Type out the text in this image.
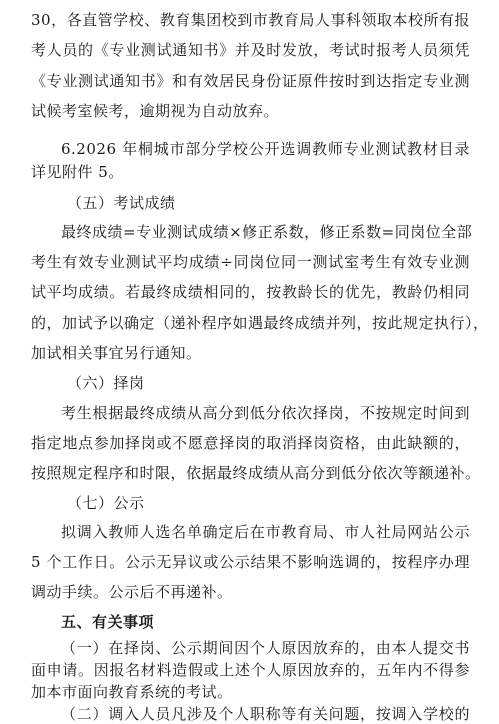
30，各直管学校、教育集团校到市教育局人事科领取本校所有报
考人员的《专业测试通知书》并及时发放，考试时报考人员须凭
《专业测试通知书》和有效居民身份证原件按时到达指定专业测
试候考室候考，逾期视为自动放弃。
6.2026 年桐城市部分学校公开选调教师专业测试教材目录
详见附件 5。
（五）考试成绩
最终成绩=专业测试成绩×修正系数，修正系数=同岗位全部
考生有效专业测试平均成绩÷同岗位同一测试室考生有效专业测
试平均成绩。若最终成绩相同的，按教龄长的优先，教龄仍相同
的，加试予以确定（递补程序如遇最终成绩并列，按此规定执行），
加试相关事宜另行通知。
（六）择岗
考生根据最终成绩从高分到低分依次择岗，不按规定时间到
指定地点参加择岗或不愿意择岗的取消择岗资格，由此缺额的，
按照规定程序和时限，依据最终成绩从高分到低分依次等额递补。
（七）公示
拟调入教师人选名单确定后在市教育局、市人社局网站公示
5 个工作日。公示无异议或公示结果不影响选调的，按程序办理
调动手续。公示后不再递补。
五、有关事项
（一）在择岗、公示期间因个人原因放弃的，由本人提交书
面申请。因报名材料造假或上述个人原因放弃的，五年内不得参
加本市面向教育系统的考试。
（二）调入人员凡涉及个人职称等有关问题，按调入学校的
